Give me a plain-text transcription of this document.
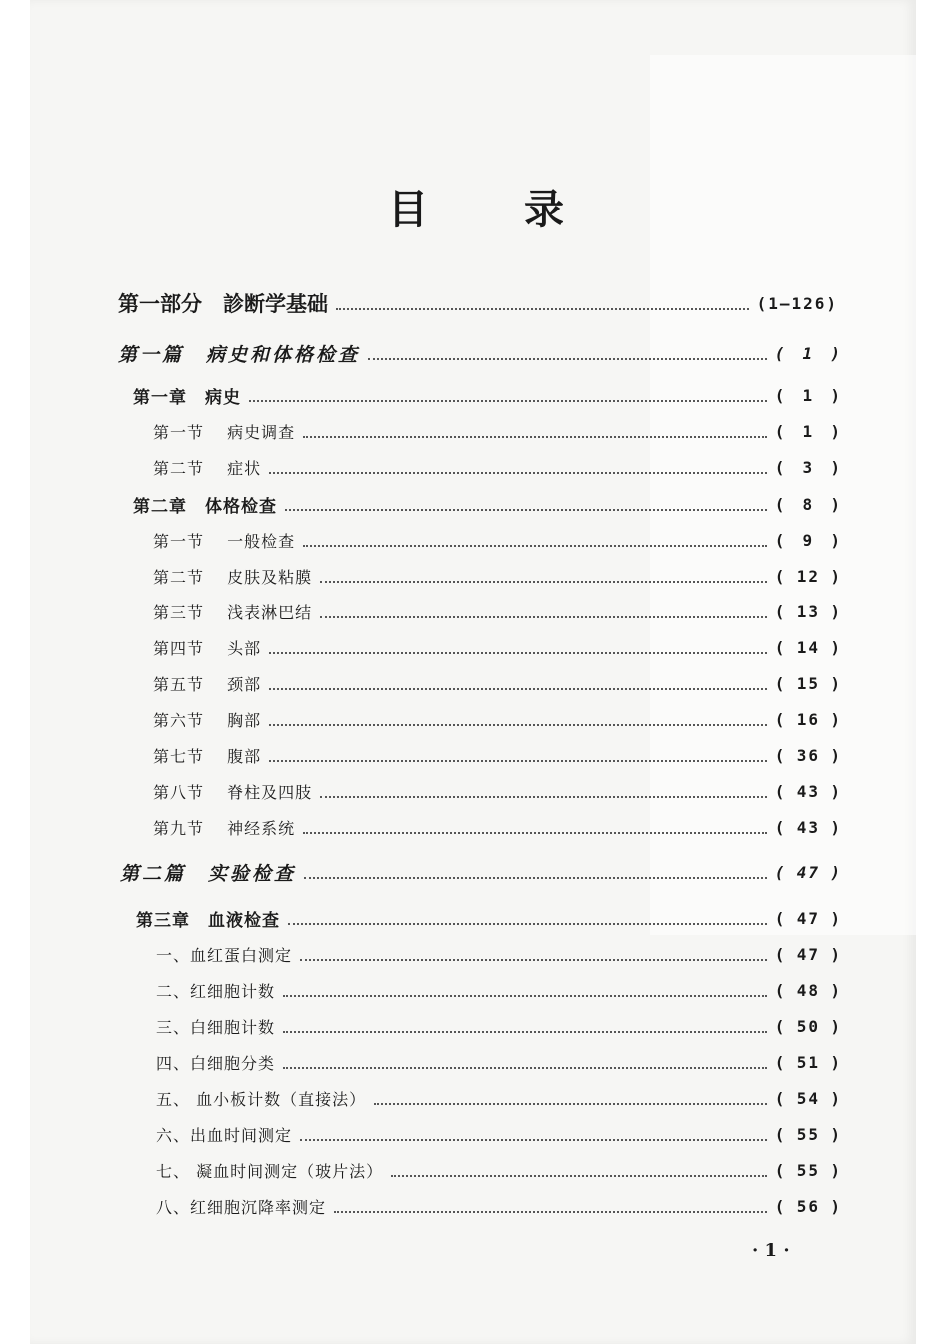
目 录
第一部分　診断学基础	(1—126)
第一篇　病史和体格检查	( 1 )
第一章　病史	( 1 )
第一节　 病史调查	( 1 )
第二节　 症状	( 3 )
第二章　体格检查	( 8 )
第一节　 一般检查	( 9 )
第二节　 皮肤及粘膜	( 12 )
第三节　 浅表淋巴结	( 13 )
第四节　 头部	( 14 )
第五节　 颈部	( 15 )
第六节　 胸部	( 16 )
第七节　 腹部	( 36 )
第八节　 脊柱及四肢	( 43 )
第九节　 神经系统	( 43 )
第二篇　实验检查	( 47 )
第三章　血液检查	( 47 )
一、血红蛋白测定	( 47 )
二、红细胞计数	( 48 )
三、白细胞计数	( 50 )
四、白细胞分类	( 51 )
五、 血小板计数（直接法）	( 54 )
六、出血时间测定	( 55 )
七、 凝血时间测定（玻片法）	( 55 )
八、红细胞沉降率测定	( 56 )
· 1 ·
